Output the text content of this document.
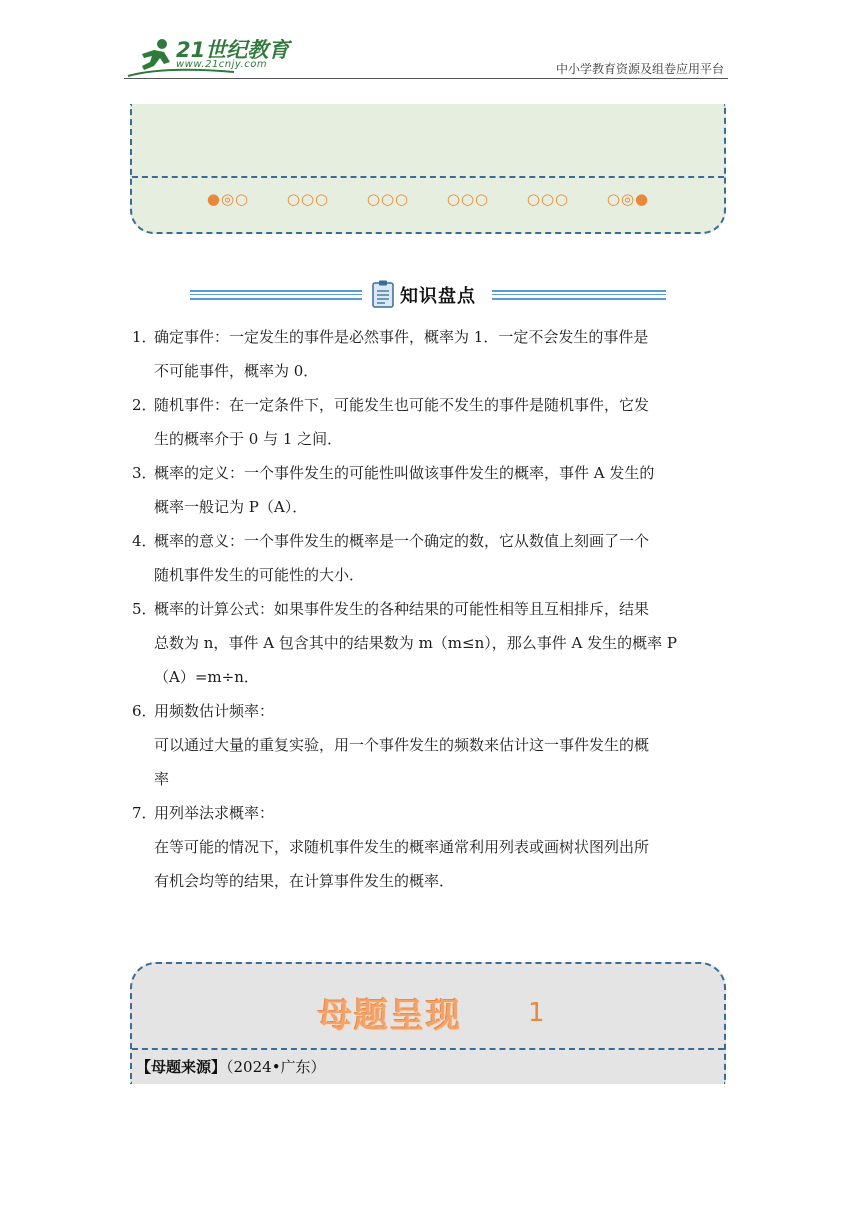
21世纪教育
www.21cnjy.com	中小学教育资源及组卷应用平台
●◎○	○○○	○○○	○○○	○○○	○◎●
知识盘点
1．

确定事件：一定发生的事件是必然事件，概率为 1．一定不会发生的事件是

不可能事件，概率为 0．

2．

随机事件：在一定条件下，可能发生也可能不发生的事件是随机事件，它发

生的概率介于 0 与 1 之间．

3．

概率的定义：一个事件发生的可能性叫做该事件发生的概率，事件 A 发生的

概率一般记为 P（A）．

4．

概率的意义：一个事件发生的概率是一个确定的数，它从数值上刻画了一个

随机事件发生的可能性的大小．

5．

概率的计算公式：如果事件发生的各种结果的可能性相等且互相排斥，结果

总数为 n，事件 A 包含其中的结果数为 m（m≤n），那么事件 A 发生的概率 P

（A）=m÷n．

6．

用频数估计频率：

可以通过大量的重复实验，用一个事件发生的频数来估计这一事件发生的概

率

7．

用列举法求概率：

在等可能的情况下，求随机事件发生的概率通常利用列表或画树状图列出所

有机会均等的结果，在计算事件发生的概率．

母题呈现	1
【母题来源】（2024•广东）
